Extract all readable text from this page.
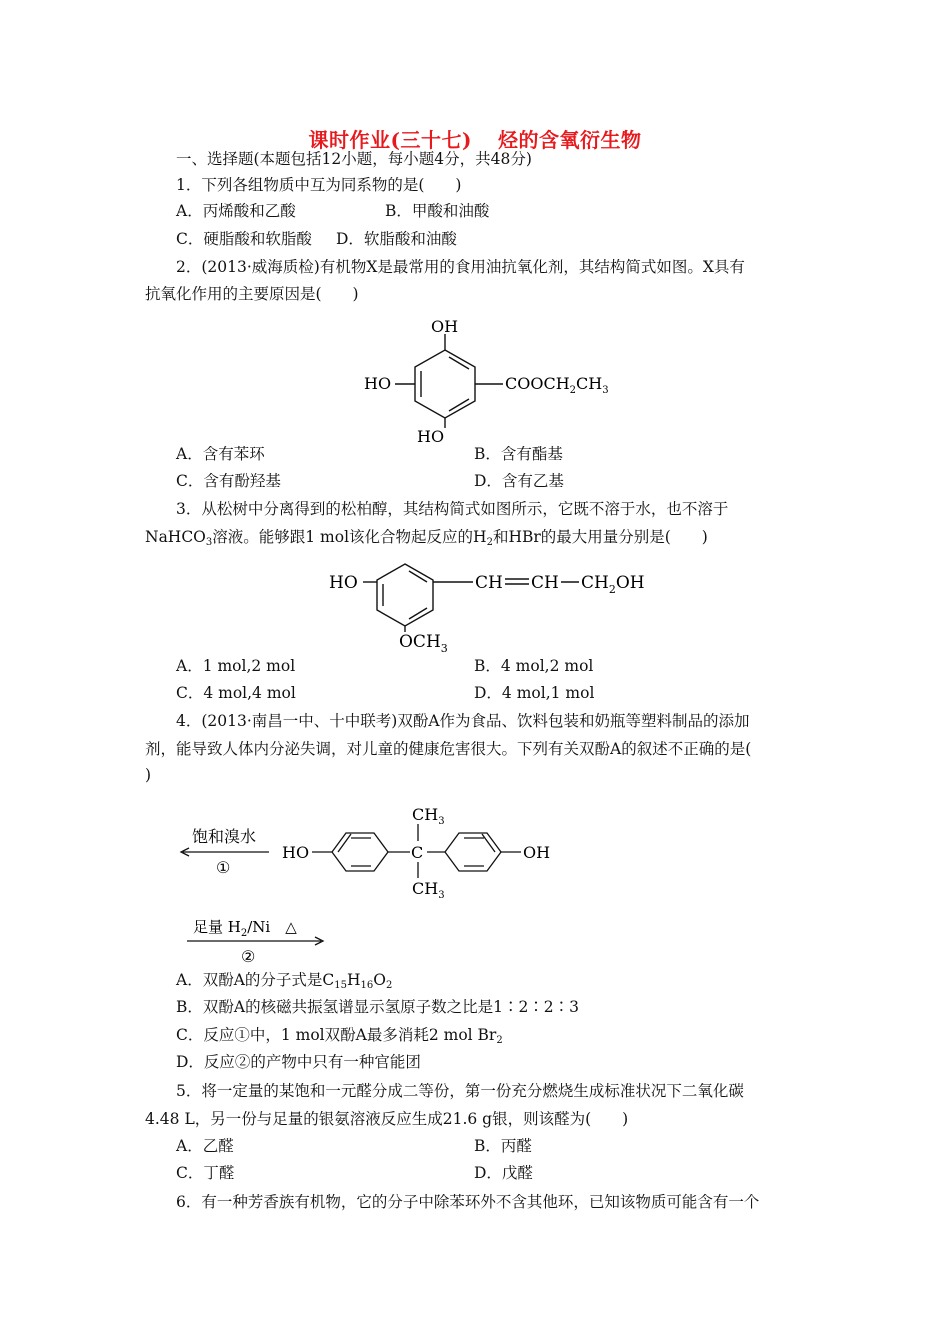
课时作业(三十七) 烃的含氧衍生物
一、选择题(本题包括12小题，每小题4分，共48分)
1．下列各组物质中互为同系物的是(　　)
A．丙烯酸和乙酸	B．甲酸和油酸
C．硬脂酸和软脂酸 D．软脂酸和油酸
2．(2013·威海质检)有机物X是最常用的食用油抗氧化剂，其结构简式如图。X具有
抗氧化作用的主要原因是(　　)
OH
HO
HO
$COOCH_2CH_3$
A．含有苯环	B．含有酯基
C．含有酚羟基	D．含有乙基
3．从松树中分离得到的松柏醇，其结构简式如图所示，它既不溶于水，也不溶于
NaHCO$_3$溶液。能够跟1 mol该化合物起反应的$H_2$和HBr的最大用量分别是(　　)
HO	CH CH $CH_2OH$
$OCH_3$
A．1 mol,2 mol	B．4 mol,2 mol
C．4 mol,4 mol	D．4 mol,1 mol
4．(2013·南昌一中、十中联考)双酚A作为食品、饮料包装和奶瓶等塑料制品的添加
剂，能导致人体内分泌失调，对儿童的健康危害很大。下列有关双酚A的叙述不正确的是(
)
饱和溴水
①
HO	C
$CH_3$
$CH_3$
OH
足量 $H_2/Ni$　△
②
A．双酚A的分子式是$C_{15}H_{16}O_2$
B．双酚A的核磁共振氢谱显示氢原子数之比是1∶2∶2∶3
C．反应①中，1 mol双酚A最多消耗2 mol $Br_2$
D．反应②的产物中只有一种官能团
5．将一定量的某饱和一元醛分成二等份，第一份充分燃烧生成标准状况下二氧化碳
4.48 L，另一份与足量的银氨溶液反应生成21.6 g银，则该醛为(　　)
A．乙醛	B．丙醛
C．丁醛	D．戊醛
6．有一种芳香族有机物，它的分子中除苯环外不含其他环，已知该物质可能含有一个
